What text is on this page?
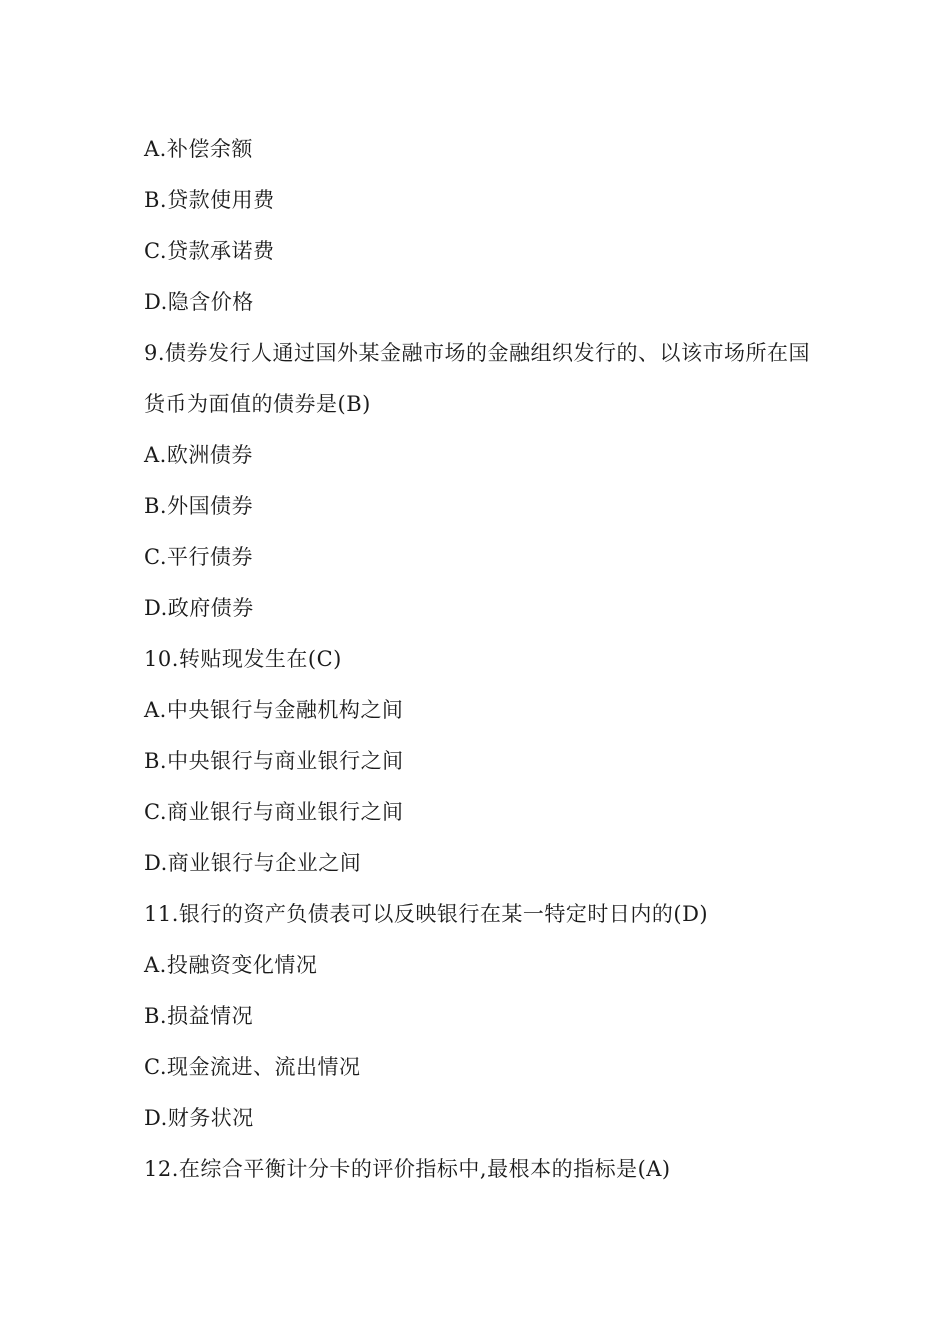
A.补偿余额
B.贷款使用费
C.贷款承诺费
D.隐含价格
9.债券发行人通过国外某金融市场的金融组织发行的、以该市场所在国
货币为面值的债券是(B)
A.欧洲债券
B.外国债券
C.平行债券
D.政府债券
10.转贴现发生在(C)
A.中央银行与金融机构之间
B.中央银行与商业银行之间
C.商业银行与商业银行之间
D.商业银行与企业之间
11.银行的资产负债表可以反映银行在某一特定时日内的(D)
A.投融资变化情况
B.损益情况
C.现金流进、流出情况
D.财务状况
12.在综合平衡计分卡的评价指标中,最根本的指标是(A)
